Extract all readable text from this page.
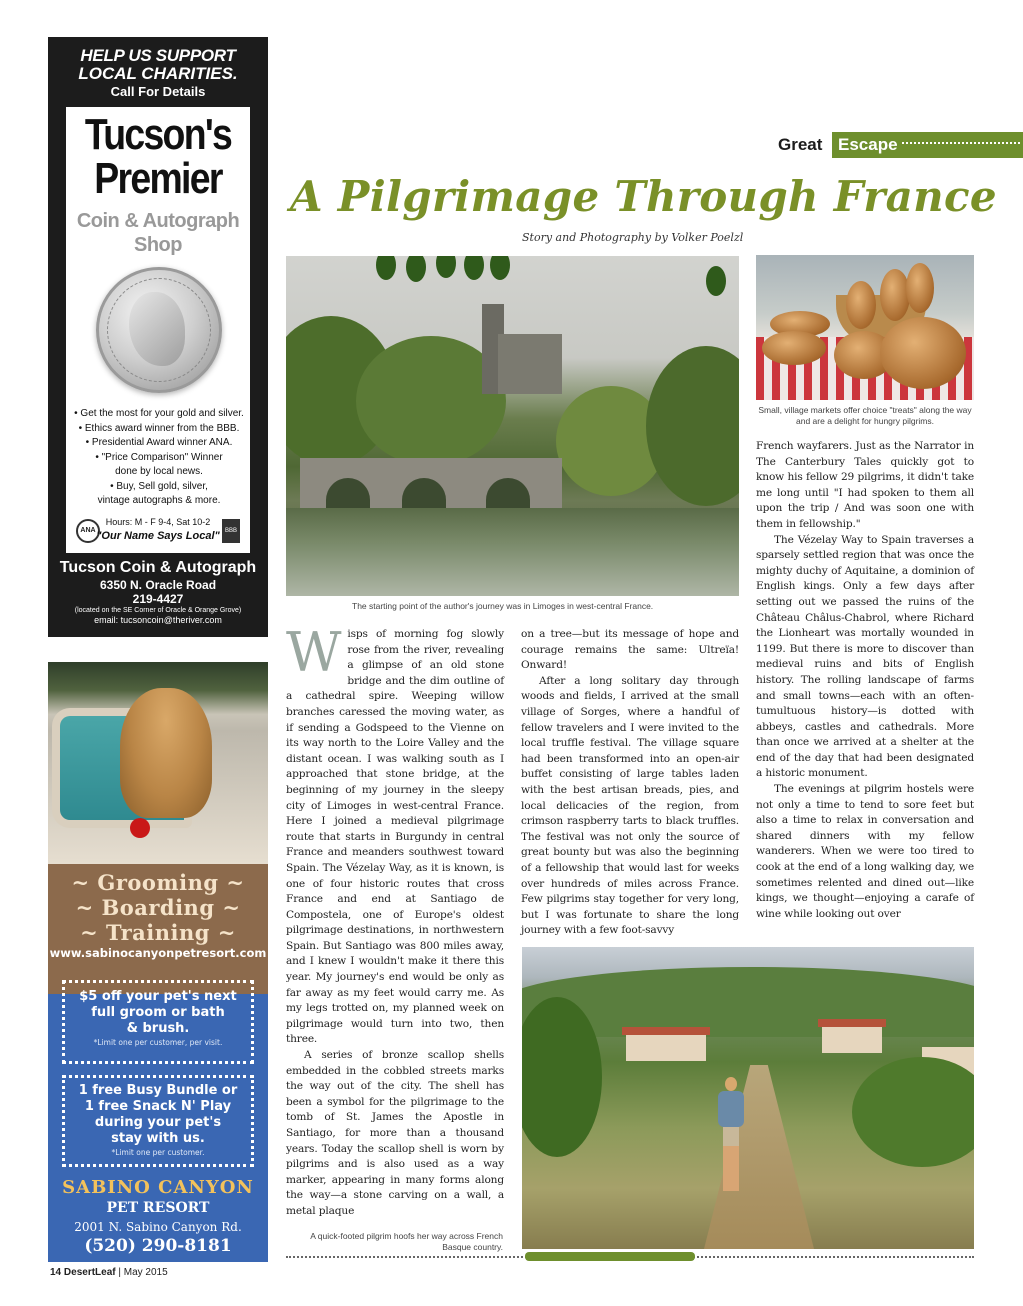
HELP US SUPPORT
LOCAL CHARITIES.
Call For Details
Tucson's
Premier
Coin & Autograph
Shop
• Get the most for your gold and silver.
• Ethics award winner from the BBB.
• Presidential Award winner ANA.
• "Price Comparison" Winner
done by local news.
• Buy, Sell gold, silver,
vintage autographs & more.
ANA	BBB
Hours: M - F 9-4, Sat 10-2
"Our Name Says Local"
Tucson Coin & Autograph
6350 N. Oracle Road
219-4427
(located on the SE Corner of Oracle & Orange Grove)
email: tucsoncoin@theriver.com
~ Grooming ~
~ Boarding ~
~ Training ~
www.sabinocanyonpetresort.com
$5 off your pet's next
full groom or bath
& brush.
*Limit one per customer, per visit.
1 free Busy Bundle or
1 free Snack N' Play
during your pet's
stay with us.
*Limit one per customer.
SABINO CANYON
PET RESORT
2001 N. Sabino Canyon Rd.
(520) 290-8181
Great Escape
A Pilgrimage Through France
Story and Photography by Volker Poelzl
The starting point of the author's journey was in Limoges in west-central France.
Small, village markets offer choice "treats" along the way and are a delight for hungry pilgrims.

Wisps of morning fog slowly rose from the river, revealing a glimpse of an old stone bridge and the dim outline of a cathedral spire. Weeping willow branches caressed the moving water, as if sending a Godspeed to the Vienne on its way north to the Loire Valley and the distant ocean. I was walking south as I approached that stone bridge, at the beginning of my journey in the sleepy city of Limoges in west-central France. Here I joined a medieval pilgrimage route that starts in Burgundy in central France and meanders southwest toward Spain. The Vézelay Way, as it is known, is one of four historic routes that cross France and end at Santiago de Compostela, one of Europe's oldest pilgrimage destinations, in northwestern Spain. But Santiago was 800 miles away, and I knew I wouldn't make it there this year. My journey's end would be only as far away as my feet would carry me. As my legs trotted on, my planned week on pilgrimage would turn into two, then three.

A series of bronze scallop shells embedded in the cobbled streets marks the way out of the city. The shell has been a symbol for the pilgrimage to the tomb of St. James the Apostle in Santiago, for more than a thousand years. Today the scallop shell is worn by pilgrims and is also used as a way marker, appearing in many forms along the way—a stone carving on a wall, a metal plaque

on a tree—but its message of hope and courage remains the same: Ultreïa! Onward!

After a long solitary day through woods and fields, I arrived at the small village of Sorges, where a handful of fellow travelers and I were invited to the local truffle festival. The village square had been transformed into an open-air buffet consisting of large tables laden with the best artisan breads, pies, and local delicacies of the region, from crimson raspberry tarts to black truffles. The festival was not only the source of great bounty but was also the beginning of a fellowship that would last for weeks over hundreds of miles across France. Few pilgrims stay together for very long, but I was fortunate to share the long journey with a few foot-savvy

French wayfarers. Just as the Narrator in The Canterbury Tales quickly got to know his fellow 29 pilgrims, it didn't take me long until "I had spoken to them all upon the trip / And was soon one with them in fellowship."

The Vézelay Way to Spain traverses a sparsely settled region that was once the mighty duchy of Aquitaine, a dominion of English kings. Only a few days after setting out we passed the ruins of the Château Châlus-Chabrol, where Richard the Lionheart was mortally wounded in 1199. But there is more to discover than medieval ruins and bits of English history. The rolling landscape of farms and small towns—each with an often-tumultuous history—is dotted with abbeys, castles and cathedrals. More than once we arrived at a shelter at the end of the day that had been designated a historic monument.

The evenings at pilgrim hostels were not only a time to tend to sore feet but also a time to relax in conversation and shared dinners with my fellow wanderers. When we were too tired to cook at the end of a long walking day, we sometimes relented and dined out—like kings, we thought—enjoying a carafe of wine while looking out over

A quick-footed pilgrim hoofs her way across French Basque country.
14 DesertLeaf | May 2015
